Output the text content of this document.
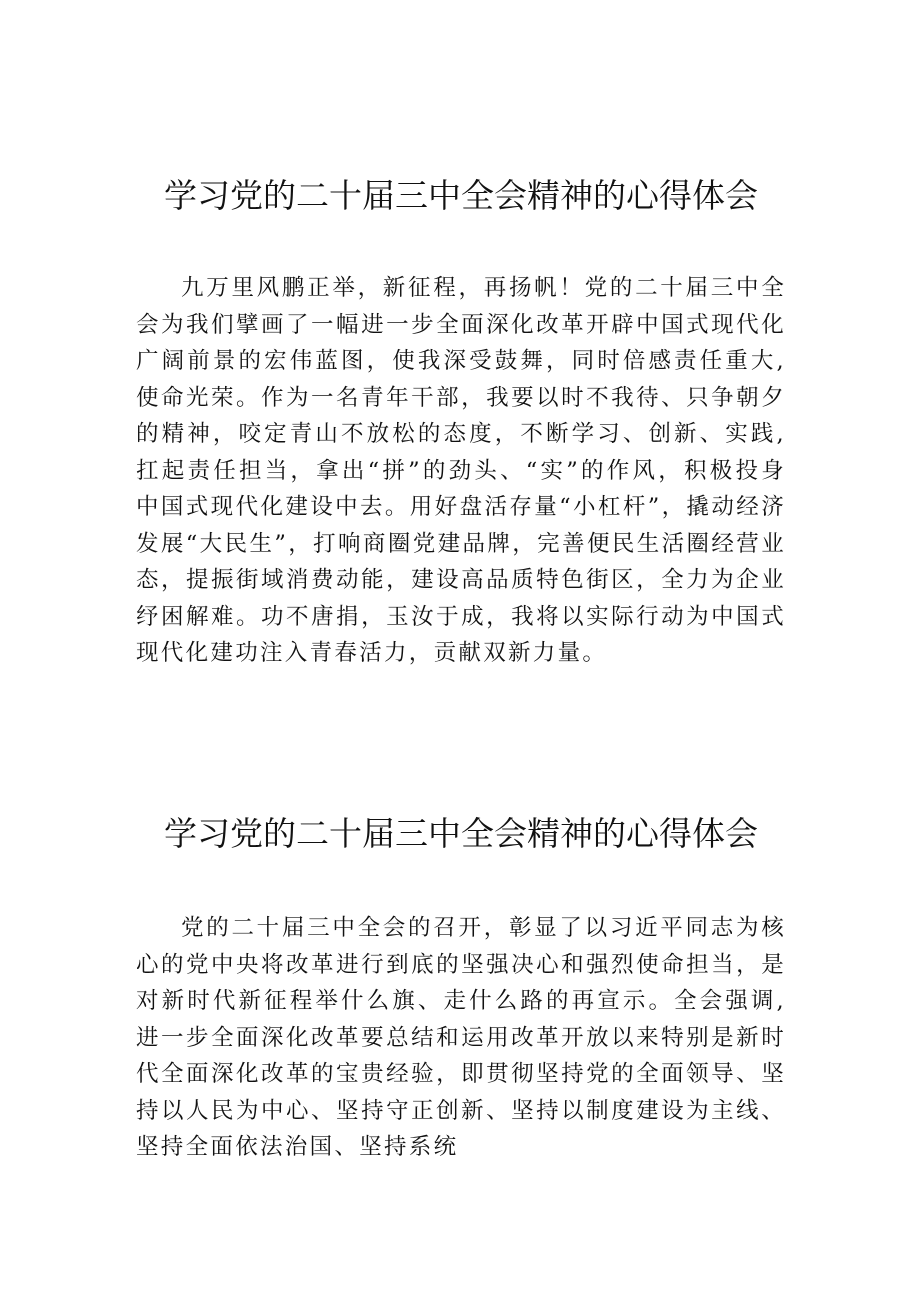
学习党的二十届三中全会精神的心得体会

九万里风鹏正举，新征程，再扬帆！党的二十届三中全会为我们擘画了一幅进一步全面深化改革开辟中国式现代化广阔前景的宏伟蓝图，使我深受鼓舞，同时倍感责任重大,使命光荣。作为一名青年干部，我要以时不我待、只争朝夕的精神，咬定青山不放松的态度，不断学习、创新、实践,扛起责任担当，拿出“拼”的劲头、“实”的作风，积极投身中国式现代化建设中去。用好盘活存量“小杠杆”，撬动经济发展“大民生”，打响商圈党建品牌，完善便民生活圈经营业态，提振街域消费动能，建设高品质特色街区，全力为企业纾困解难。功不唐捐，玉汝于成，我将以实际行动为中国式现代化建功注入青春活力，贡献双新力量。

学习党的二十届三中全会精神的心得体会

党的二十届三中全会的召开，彰显了以习近平同志为核心的党中央将改革进行到底的坚强决心和强烈使命担当，是对新时代新征程举什么旗、走什么路的再宣示。全会强调,进一步全面深化改革要总结和运用改革开放以来特别是新时代全面深化改革的宝贵经验，即贯彻坚持党的全面领导、坚持以人民为中心、坚持守正创新、坚持以制度建设为主线、坚持全面依法治国、坚持系统
